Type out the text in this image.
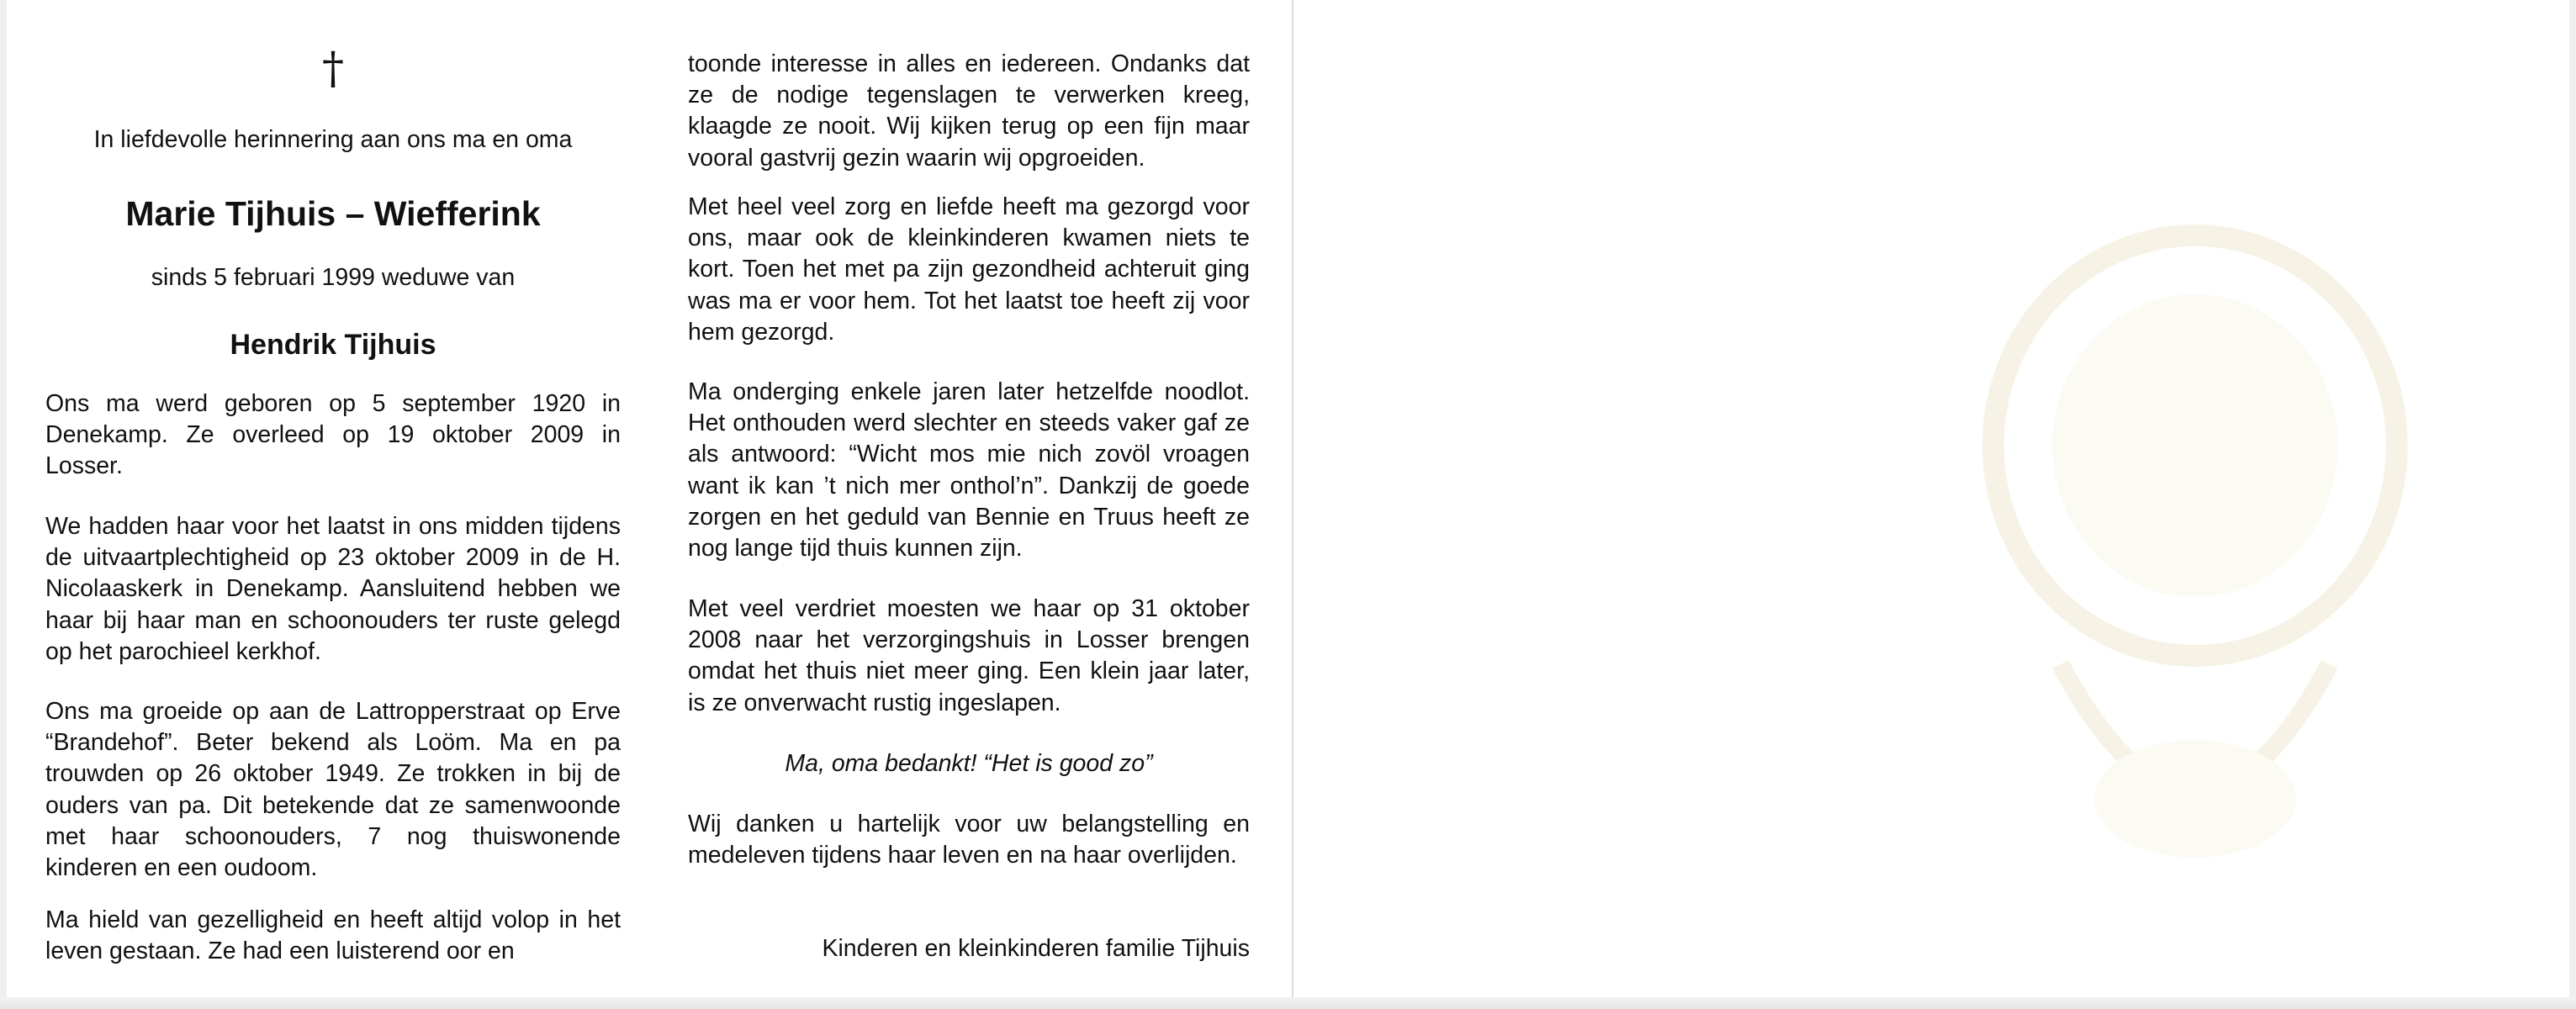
†
In liefdevolle herinnering aan ons ma en oma
Marie Tijhuis – Wiefferink
sinds 5 februari 1999 weduwe van
Hendrik Tijhuis

Ons ma werd geboren op 5 september 1920 in Denekamp. Ze overleed op 19 oktober 2009 in Losser.

We hadden haar voor het laatst in ons midden tijdens de uitvaartplechtigheid op 23 oktober 2009 in de H. Nicolaaskerk in Denekamp. Aansluitend hebben we haar bij haar man en schoonouders ter ruste gelegd op het parochieel kerkhof.

Ons ma groeide op aan de Lattropperstraat op Erve “Brandehof”. Beter bekend als Loöm. Ma en pa trouwden op 26 oktober 1949. Ze trokken in bij de ouders van pa. Dit betekende dat ze samenwoonde met haar schoonouders, 7 nog thuiswonende kinderen en een oudoom.

Ma hield van gezelligheid en heeft altijd volop in het leven gestaan. Ze had een luisterend oor en

toonde interesse in alles en iedereen. Ondanks dat ze de nodige tegenslagen te verwerken kreeg, klaagde ze nooit. Wij kijken terug op een fijn maar vooral gastvrij gezin waarin wij opgroeiden.

Met heel veel zorg en liefde heeft ma gezorgd voor ons, maar ook de kleinkinderen kwamen niets te kort. Toen het met pa zijn gezondheid achteruit ging was ma er voor hem. Tot het laatst toe heeft zij voor hem gezorgd.

Ma onderging enkele jaren later hetzelfde noodlot. Het onthouden werd slechter en steeds vaker gaf ze als antwoord: “Wicht mos mie nich zovöl vroagen want ik kan ’t nich mer onthol’n”. Dankzij de goede zorgen en het geduld van Bennie en Truus heeft ze nog lange tijd thuis kunnen zijn.

Met veel verdriet moesten we haar op 31 oktober 2008 naar het verzorgingshuis in Losser brengen omdat het thuis niet meer ging. Een klein jaar later, is ze onverwacht rustig ingeslapen.

Ma, oma bedankt! “Het is good zo”

Wij danken u hartelijk voor uw belangstelling en medeleven tijdens haar leven en na haar overlijden.

Kinderen en kleinkinderen familie Tijhuis
